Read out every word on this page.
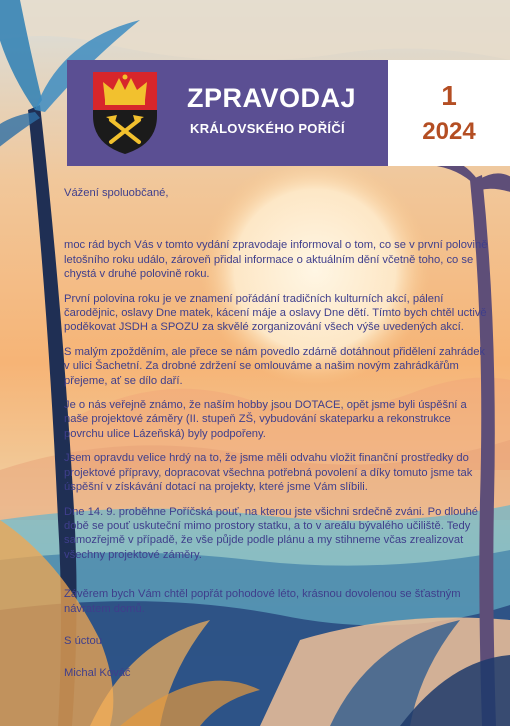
ZPRAVODAJ
KRÁLOVSKÉHO POŘÍČÍ
1
2024

Vážení spoluobčané,

moc rád bych Vás v tomto vydání zpravodaje informoval o tom, co se v první polovině letošního roku událo, zároveň přidal informace o aktuálním dění včetně toho, co se chystá v druhé polovině roku.

První polovina roku je ve znamení pořádání tradičních kulturních akcí, pálení čarodějnic, oslavy Dne matek, kácení máje a oslavy Dne dětí. Tímto bych chtěl uctivě poděkovat JSDH a SPOZU za skvělé zorganizování všech výše uvedených akcí.

S malým zpožděním, ale přece se nám povedlo zdárně dotáhnout přidělení zahrádek v ulici Šachetní. Za drobné zdržení se omlouváme a našim novým zahrádkářům přejeme, ať se dílo daří.

Je o nás veřejně známo, že naším hobby jsou DOTACE, opět jsme byli úspěšní a naše projektové záměry (II. stupeň ZŠ, vybudování skateparku a rekonstrukce povrchu ulice Lázeňská) byly podpořeny.

Jsem opravdu velice hrdý na to, že jsme měli odvahu vložit finanční prostředky do projektové přípravy, dopracovat všechna potřebná povolení a díky tomuto jsme tak úspěšní v získávání dotací na projekty, které jsme Vám slíbili.

Dne 14. 9. proběhne Poříčská pouť, na kterou jste všichni srdečně zváni. Po dlouhé době se pouť uskuteční mimo prostory statku, a to v areálu bývalého učiliště. Tedy samozřejmě v případě, že vše půjde podle plánu a my stihneme včas zrealizovat všechny projektové záměry.

Závěrem bych Vám chtěl popřát pohodové léto, krásnou dovolenou se šťastným návratem domů.

S úctou

Michal Kováč
